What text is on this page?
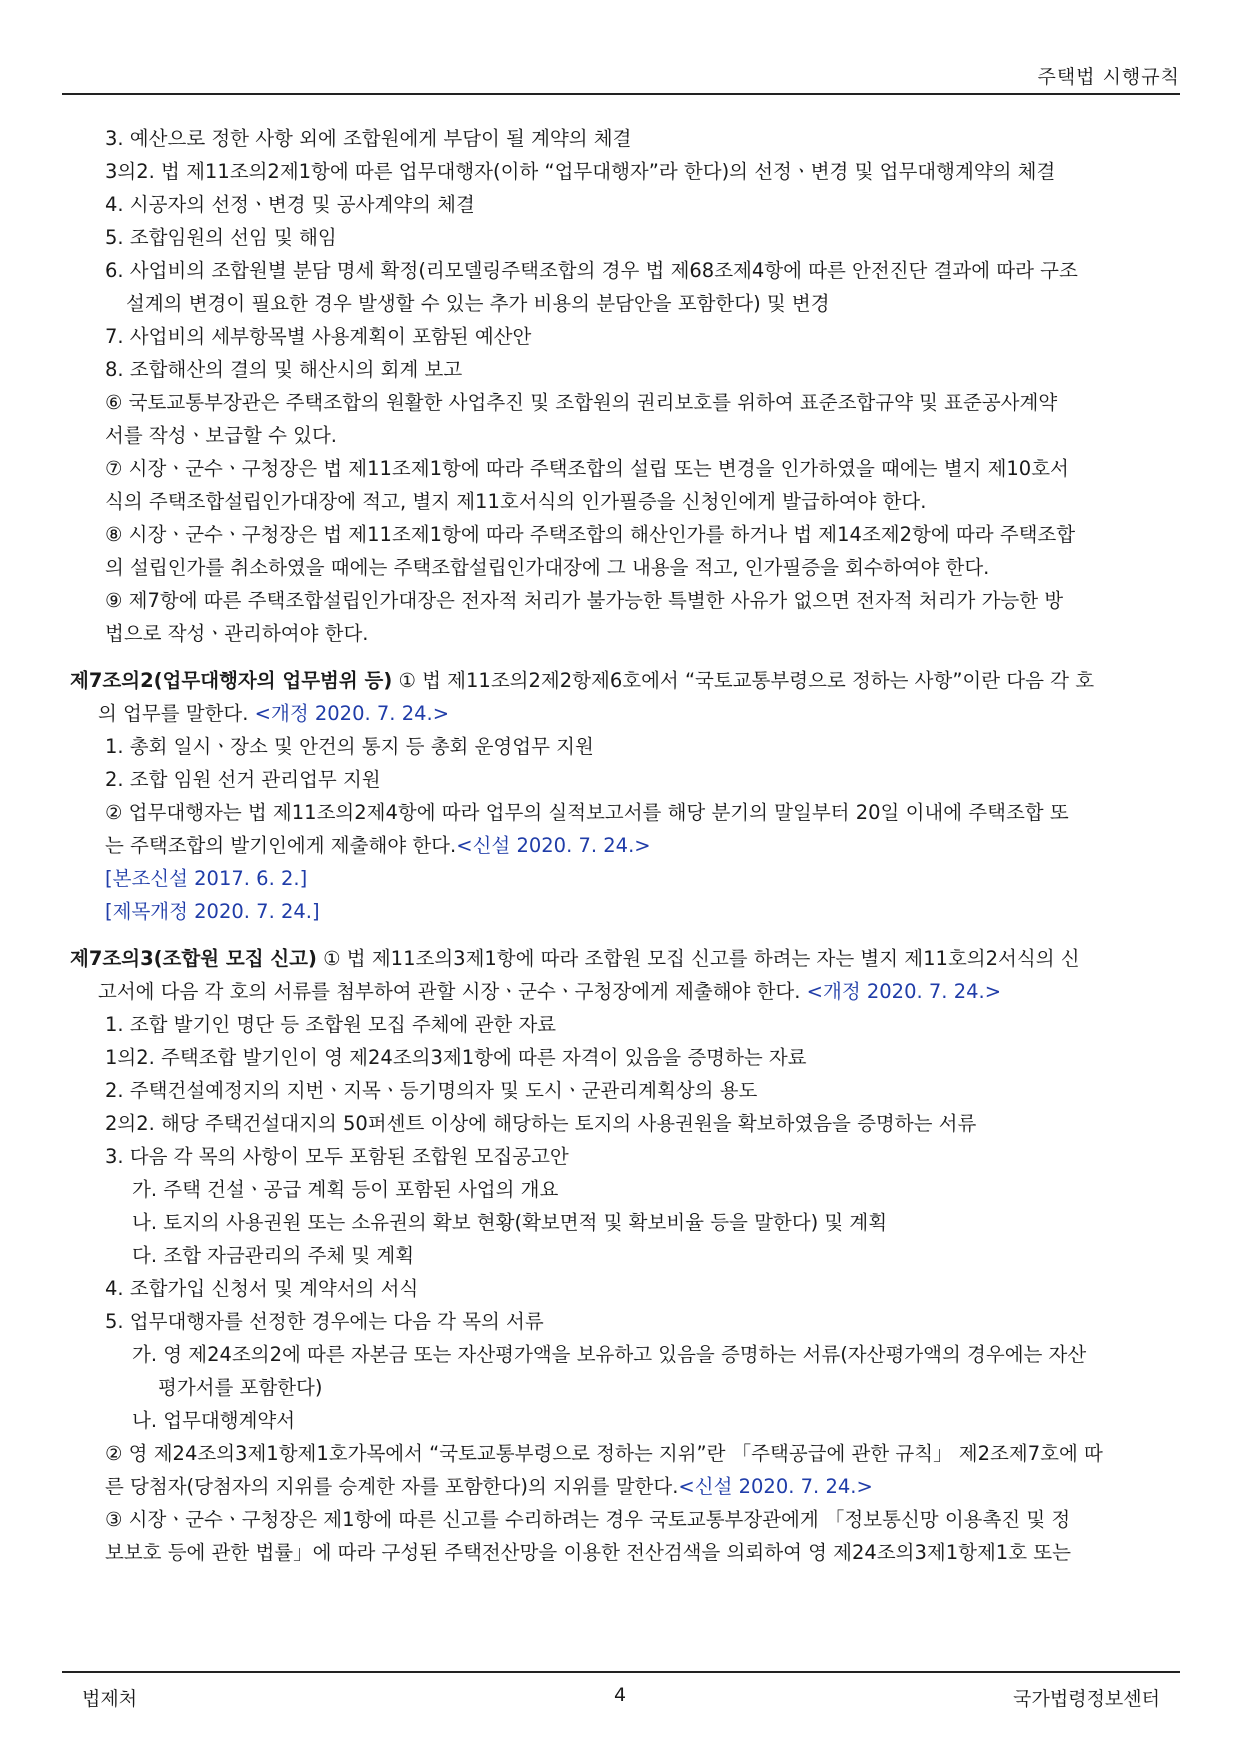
주택법 시행규칙
3. 예산으로 정한 사항 외에 조합원에게 부담이 될 계약의 체결
3의2. 법 제11조의2제1항에 따른 업무대행자(이하 “업무대행자”라 한다)의 선정ㆍ변경 및 업무대행계약의 체결
4. 시공자의 선정ㆍ변경 및 공사계약의 체결
5. 조합임원의 선임 및 해임
6. 사업비의 조합원별 분담 명세 확정(리모델링주택조합의 경우 법 제68조제4항에 따른 안전진단 결과에 따라 구조
설계의 변경이 필요한 경우 발생할 수 있는 추가 비용의 분담안을 포함한다) 및 변경
7. 사업비의 세부항목별 사용계획이 포함된 예산안
8. 조합해산의 결의 및 해산시의 회계 보고
⑥ 국토교통부장관은 주택조합의 원활한 사업추진 및 조합원의 권리보호를 위하여 표준조합규약 및 표준공사계약
서를 작성ㆍ보급할 수 있다.
⑦ 시장ㆍ군수ㆍ구청장은 법 제11조제1항에 따라 주택조합의 설립 또는 변경을 인가하였을 때에는 별지 제10호서
식의 주택조합설립인가대장에 적고, 별지 제11호서식의 인가필증을 신청인에게 발급하여야 한다.
⑧ 시장ㆍ군수ㆍ구청장은 법 제11조제1항에 따라 주택조합의 해산인가를 하거나 법 제14조제2항에 따라 주택조합
의 설립인가를 취소하였을 때에는 주택조합설립인가대장에 그 내용을 적고, 인가필증을 회수하여야 한다.
⑨ 제7항에 따른 주택조합설립인가대장은 전자적 처리가 불가능한 특별한 사유가 없으면 전자적 처리가 가능한 방
법으로 작성ㆍ관리하여야 한다.
제7조의2(업무대행자의 업무범위 등) ① 법 제11조의2제2항제6호에서 “국토교통부령으로 정하는 사항”이란 다음 각 호
의 업무를 말한다. <개정 2020. 7. 24.>
1. 총회 일시ㆍ장소 및 안건의 통지 등 총회 운영업무 지원
2. 조합 임원 선거 관리업무 지원
② 업무대행자는 법 제11조의2제4항에 따라 업무의 실적보고서를 해당 분기의 말일부터 20일 이내에 주택조합 또
는 주택조합의 발기인에게 제출해야 한다.<신설 2020. 7. 24.>
[본조신설 2017. 6. 2.]
[제목개정 2020. 7. 24.]
제7조의3(조합원 모집 신고) ① 법 제11조의3제1항에 따라 조합원 모집 신고를 하려는 자는 별지 제11호의2서식의 신
고서에 다음 각 호의 서류를 첨부하여 관할 시장ㆍ군수ㆍ구청장에게 제출해야 한다. <개정 2020. 7. 24.>
1. 조합 발기인 명단 등 조합원 모집 주체에 관한 자료
1의2. 주택조합 발기인이 영 제24조의3제1항에 따른 자격이 있음을 증명하는 자료
2. 주택건설예정지의 지번ㆍ지목ㆍ등기명의자 및 도시ㆍ군관리계획상의 용도
2의2. 해당 주택건설대지의 50퍼센트 이상에 해당하는 토지의 사용권원을 확보하였음을 증명하는 서류
3. 다음 각 목의 사항이 모두 포함된 조합원 모집공고안
가. 주택 건설ㆍ공급 계획 등이 포함된 사업의 개요
나. 토지의 사용권원 또는 소유권의 확보 현황(확보면적 및 확보비율 등을 말한다) 및 계획
다. 조합 자금관리의 주체 및 계획
4. 조합가입 신청서 및 계약서의 서식
5. 업무대행자를 선정한 경우에는 다음 각 목의 서류
가. 영 제24조의2에 따른 자본금 또는 자산평가액을 보유하고 있음을 증명하는 서류(자산평가액의 경우에는 자산
평가서를 포함한다)
나. 업무대행계약서
② 영 제24조의3제1항제1호가목에서 “국토교통부령으로 정하는 지위”란 「주택공급에 관한 규칙」 제2조제7호에 따
른 당첨자(당첨자의 지위를 승계한 자를 포함한다)의 지위를 말한다.<신설 2020. 7. 24.>
③ 시장ㆍ군수ㆍ구청장은 제1항에 따른 신고를 수리하려는 경우 국토교통부장관에게 「정보통신망 이용촉진 및 정
보보호 등에 관한 법률」에 따라 구성된 주택전산망을 이용한 전산검색을 의뢰하여 영 제24조의3제1항제1호 또는
법제처	4	국가법령정보센터
